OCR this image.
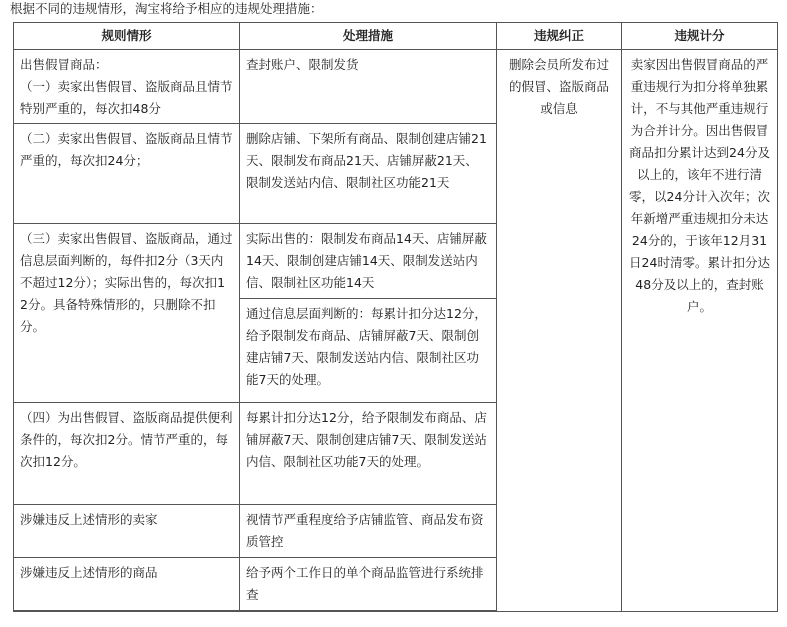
根据不同的违规情形，淘宝将给予相应的违规处理措施：
规则情形	处理措施	违规纠正	违规计分
出售假冒商品：
（一）卖家出售假冒、盗版商品且情节特别严重的，每次扣48分	查封账户、限制发货	删除会员所发布过的假冒、盗版商品或信息	卖家因出售假冒商品的严重违规行为扣分将单独累计，不与其他严重违规行为合并计分。因出售假冒商品扣分累计达到24分及以上的，该年不进行清零，以24分计入次年；次年新增严重违规扣分未达24分的，于该年12月31日24时清零。累计扣分达48分及以上的，查封账户。
（二）卖家出售假冒、盗版商品且情节严重的，每次扣24分；	删除店铺、下架所有商品、限制创建店铺21天、限制发布商品21天、店铺屏蔽21天、限制发送站内信、限制社区功能21天		
（三）卖家出售假冒、盗版商品，通过信息层面判断的，每件扣2分（3天内不超过12分）；实际出售的，每次扣12分。具备特殊情形的，只删除不扣分。	实际出售的：限制发布商品14天、店铺屏蔽14天、限制创建店铺14天、限制发送站内信、限制社区功能14天		
	通过信息层面判断的：每累计扣分达12分，给予限制发布商品、店铺屏蔽7天、限制创建店铺7天、限制发送站内信、限制社区功能7天的处理。		
（四）为出售假冒、盗版商品提供便利条件的，每次扣2分。情节严重的，每次扣12分。	每累计扣分达12分，给予限制发布商品、店铺屏蔽7天、限制创建店铺7天、限制发送站内信、限制社区功能7天的处理。		
涉嫌违反上述情形的卖家	视情节严重程度给予店铺监管、商品发布资质管控		
涉嫌违反上述情形的商品	给予两个工作日的单个商品监管进行系统排查		
